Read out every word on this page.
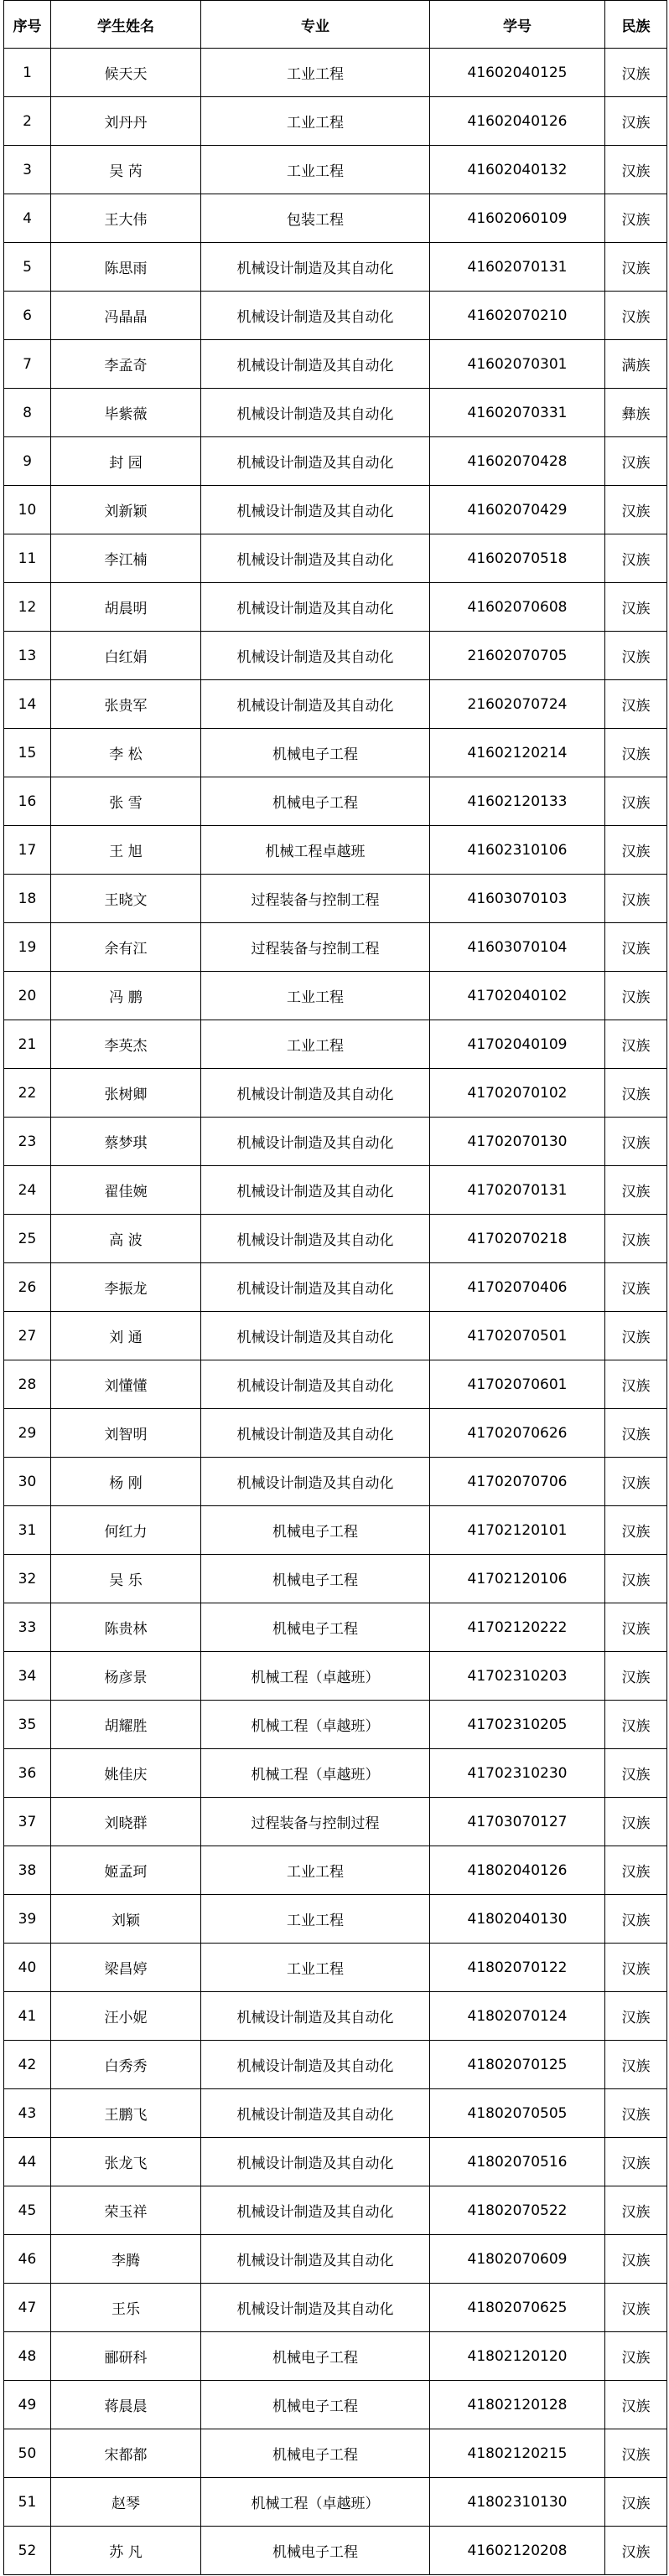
序号	学生姓名	专业	学号	民族
1	候天天	工业工程	41602040125	汉族
2	刘丹丹	工业工程	41602040126	汉族
3	吴 芮	工业工程	41602040132	汉族
4	王大伟	包装工程	41602060109	汉族
5	陈思雨	机械设计制造及其自动化	41602070131	汉族
6	冯晶晶	机械设计制造及其自动化	41602070210	汉族
7	李孟奇	机械设计制造及其自动化	41602070301	满族
8	毕紫薇	机械设计制造及其自动化	41602070331	彝族
9	封 园	机械设计制造及其自动化	41602070428	汉族
10	刘新颖	机械设计制造及其自动化	41602070429	汉族
11	李江楠	机械设计制造及其自动化	41602070518	汉族
12	胡晨明	机械设计制造及其自动化	41602070608	汉族
13	白红娟	机械设计制造及其自动化	21602070705	汉族
14	张贵军	机械设计制造及其自动化	21602070724	汉族
15	李 松	机械电子工程	41602120214	汉族
16	张 雪	机械电子工程	41602120133	汉族
17	王 旭	机械工程卓越班	41602310106	汉族
18	王晓文	过程装备与控制工程	41603070103	汉族
19	余有江	过程装备与控制工程	41603070104	汉族
20	冯 鹏	工业工程	41702040102	汉族
21	李英杰	工业工程	41702040109	汉族
22	张树卿	机械设计制造及其自动化	41702070102	汉族
23	蔡梦琪	机械设计制造及其自动化	41702070130	汉族
24	翟佳婉	机械设计制造及其自动化	41702070131	汉族
25	高 波	机械设计制造及其自动化	41702070218	汉族
26	李振龙	机械设计制造及其自动化	41702070406	汉族
27	刘 通	机械设计制造及其自动化	41702070501	汉族
28	刘懂懂	机械设计制造及其自动化	41702070601	汉族
29	刘智明	机械设计制造及其自动化	41702070626	汉族
30	杨 刚	机械设计制造及其自动化	41702070706	汉族
31	何红力	机械电子工程	41702120101	汉族
32	吴 乐	机械电子工程	41702120106	汉族
33	陈贵林	机械电子工程	41702120222	汉族
34	杨彦景	机械工程（卓越班）	41702310203	汉族
35	胡耀胜	机械工程（卓越班）	41702310205	汉族
36	姚佳庆	机械工程（卓越班）	41702310230	汉族
37	刘晓群	过程装备与控制过程	41703070127	汉族
38	姬孟珂	工业工程	41802040126	汉族
39	刘颖	工业工程	41802040130	汉族
40	梁昌婷	工业工程	41802070122	汉族
41	汪小妮	机械设计制造及其自动化	41802070124	汉族
42	白秀秀	机械设计制造及其自动化	41802070125	汉族
43	王鹏飞	机械设计制造及其自动化	41802070505	汉族
44	张龙飞	机械设计制造及其自动化	41802070516	汉族
45	荣玉祥	机械设计制造及其自动化	41802070522	汉族
46	李腾	机械设计制造及其自动化	41802070609	汉族
47	王乐	机械设计制造及其自动化	41802070625	汉族
48	郦研科	机械电子工程	41802120120	汉族
49	蒋晨晨	机械电子工程	41802120128	汉族
50	宋都都	机械电子工程	41802120215	汉族
51	赵琴	机械工程（卓越班）	41802310130	汉族
52	苏 凡	机械电子工程	41602120208	汉族
